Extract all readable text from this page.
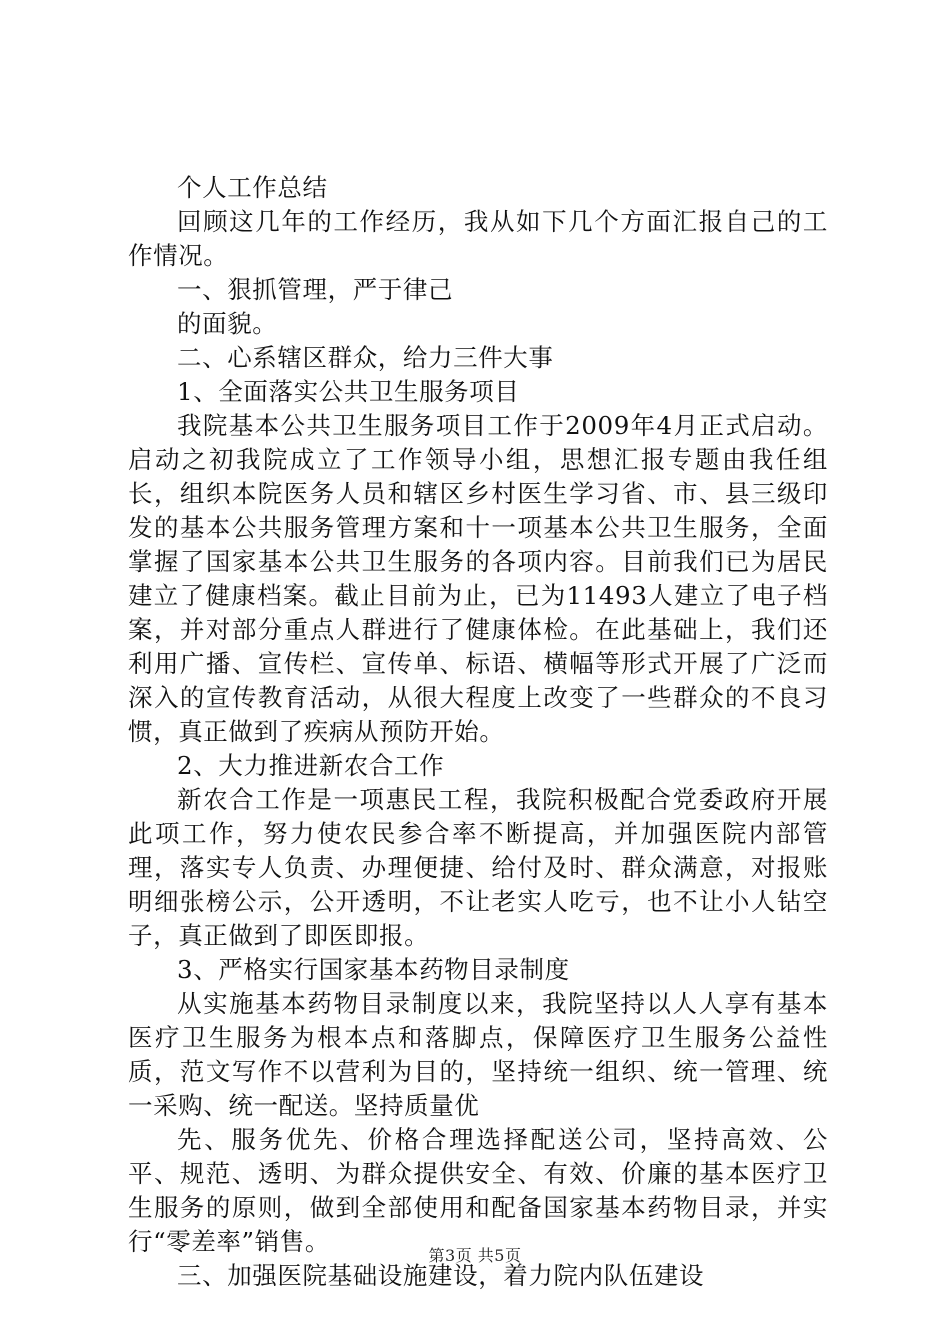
个人工作总结

回顾这几年的工作经历，我从如下几个方面汇报自己的工作情况。

一、狠抓管理，严于律己

的面貌。

二、心系辖区群众，给力三件大事

1、全面落实公共卫生服务项目

我院基本公共卫生服务项目工作于2009年4月正式启动。启动之初我院成立了工作领导小组，思想汇报专题由我任组长，组织本院医务人员和辖区乡村医生学习省、市、县三级印发的基本公共服务管理方案和十一项基本公共卫生服务，全面掌握了国家基本公共卫生服务的各项内容。目前我们已为居民建立了健康档案。截止目前为止，已为11493人建立了电子档案，并对部分重点人群进行了健康体检。在此基础上，我们还利用广播、宣传栏、宣传单、标语、横幅等形式开展了广泛而深入的宣传教育活动，从很大程度上改变了一些群众的不良习惯，真正做到了疾病从预防开始。

2、大力推进新农合工作

新农合工作是一项惠民工程，我院积极配合党委政府开展此项工作，努力使农民参合率不断提高，并加强医院内部管理，落实专人负责、办理便捷、给付及时、群众满意，对报账明细张榜公示，公开透明，不让老实人吃亏，也不让小人钻空子，真正做到了即医即报。

3、严格实行国家基本药物目录制度

从实施基本药物目录制度以来，我院坚持以人人享有基本医疗卫生服务为根本点和落脚点，保障医疗卫生服务公益性质，范文写作不以营利为目的，坚持统一组织、统一管理、统一采购、统一配送。坚持质量优

先、服务优先、价格合理选择配送公司，坚持高效、公平、规范、透明、为群众提供安全、有效、价廉的基本医疗卫生服务的原则，做到全部使用和配备国家基本药物目录，并实行“零差率”销售。

三、加强医院基础设施建设，着力院内队伍建设

第3页 共5页
